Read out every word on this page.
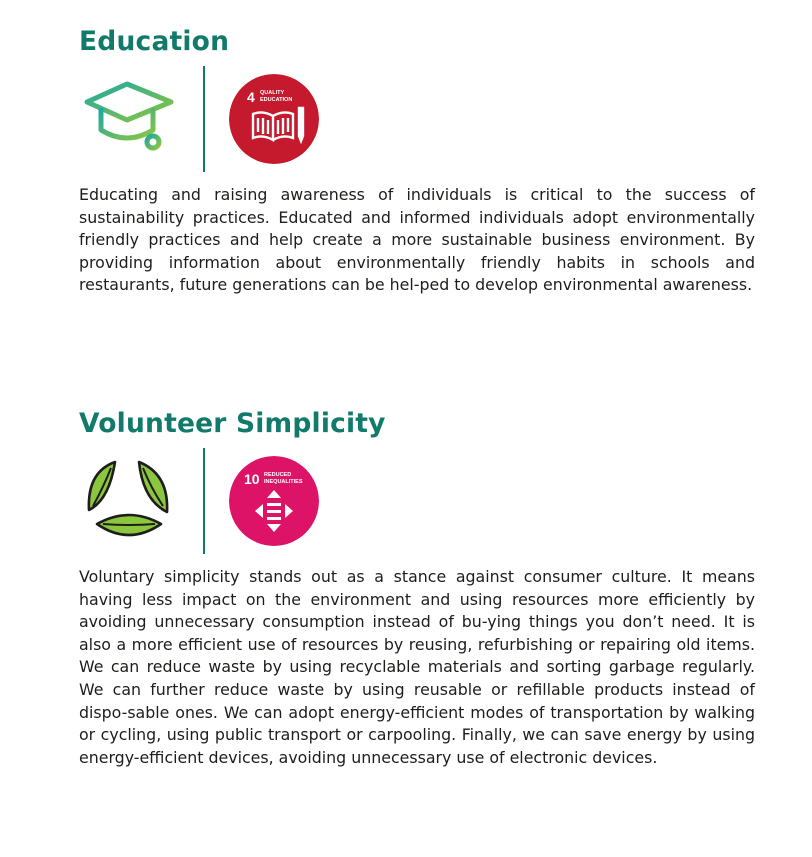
Education
4 QUALITY
EDUCATION

Educating and raising awareness of individuals is critical to the success of sustainability practices. Educated and informed individuals adopt environmentally friendly practices and help create a more sustainable business environment. By providing information about environmentally friendly habits in schools and restaurants, future generations can be hel-ped to develop environmental awareness.

Volunteer Simplicity
10 REDUCED
INEQUALITIES

Voluntary simplicity stands out as a stance against consumer culture. It means having less impact on the environment and using resources more efficiently by avoiding unnecessary consumption instead of bu-ying things you don’t need. It is also a more efficient use of resources by reusing, refurbishing or repairing old items. We can reduce waste by using recyclable materials and sorting garbage regularly. We can further reduce waste by using reusable or refillable products instead of dispo-sable ones. We can adopt energy-efficient modes of transportation by walking or cycling, using public transport or carpooling. Finally, we can save energy by using energy-efficient devices, avoiding unnecessary use of electronic devices.
